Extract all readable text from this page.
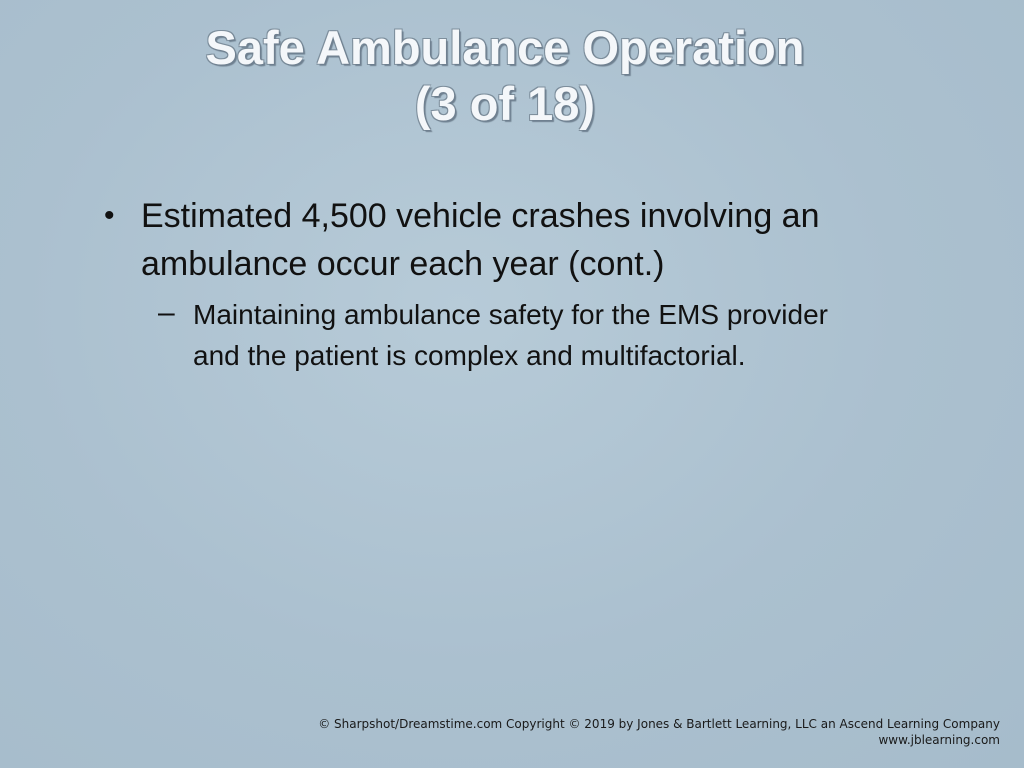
Safe Ambulance Operation
(3 of 18)
• Estimated 4,500 vehicle crashes involving an ambulance occur each year (cont.)
– Maintaining ambulance safety for the EMS provider and the patient is complex and multifactorial.
© Sharpshot/Dreamstime.com Copyright © 2019 by Jones & Bartlett Learning, LLC an Ascend Learning Company
www.jblearning.com
